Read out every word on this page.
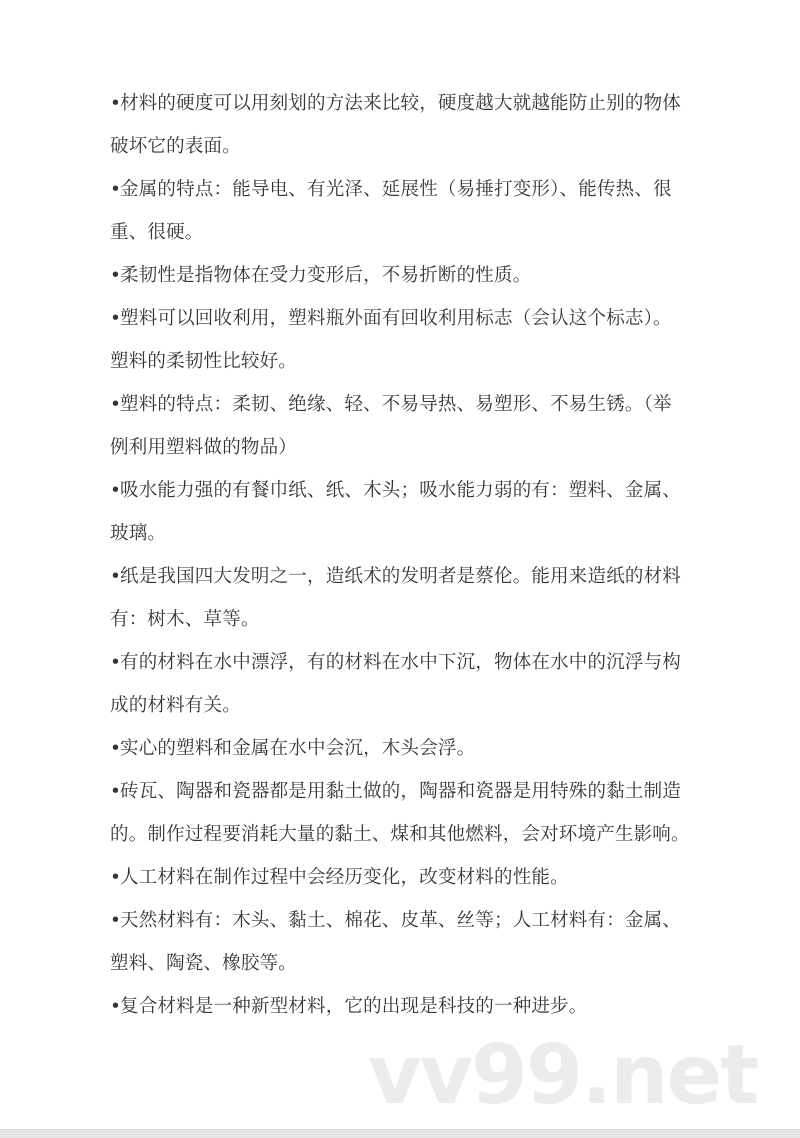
•材料的硬度可以用刻划的方法来比较，硬度越大就越能防止别的物体
破坏它的表面。
•金属的特点：能导电、有光泽、延展性（易捶打变形）、能传热、很
重、很硬。
•柔韧性是指物体在受力变形后，不易折断的性质。
•塑料可以回收利用，塑料瓶外面有回收利用标志（会认这个标志）。
塑料的柔韧性比较好。
•塑料的特点：柔韧、绝缘、轻、不易导热、易塑形、不易生锈。（举
例利用塑料做的物品）
•吸水能力强的有餐巾纸、纸、木头；吸水能力弱的有：塑料、金属、
玻璃。
•纸是我国四大发明之一，造纸术的发明者是蔡伦。能用来造纸的材料
有：树木、草等。
•有的材料在水中漂浮，有的材料在水中下沉，物体在水中的沉浮与构
成的材料有关。
•实心的塑料和金属在水中会沉，木头会浮。
•砖瓦、陶器和瓷器都是用黏土做的，陶器和瓷器是用特殊的黏土制造
的。制作过程要消耗大量的黏土、煤和其他燃料，会对环境产生影响。
•人工材料在制作过程中会经历变化，改变材料的性能。
•天然材料有：木头、黏土、棉花、皮革、丝等；人工材料有：金属、
塑料、陶瓷、橡胶等。
•复合材料是一种新型材料，它的出现是科技的一种进步。
vv99.net
